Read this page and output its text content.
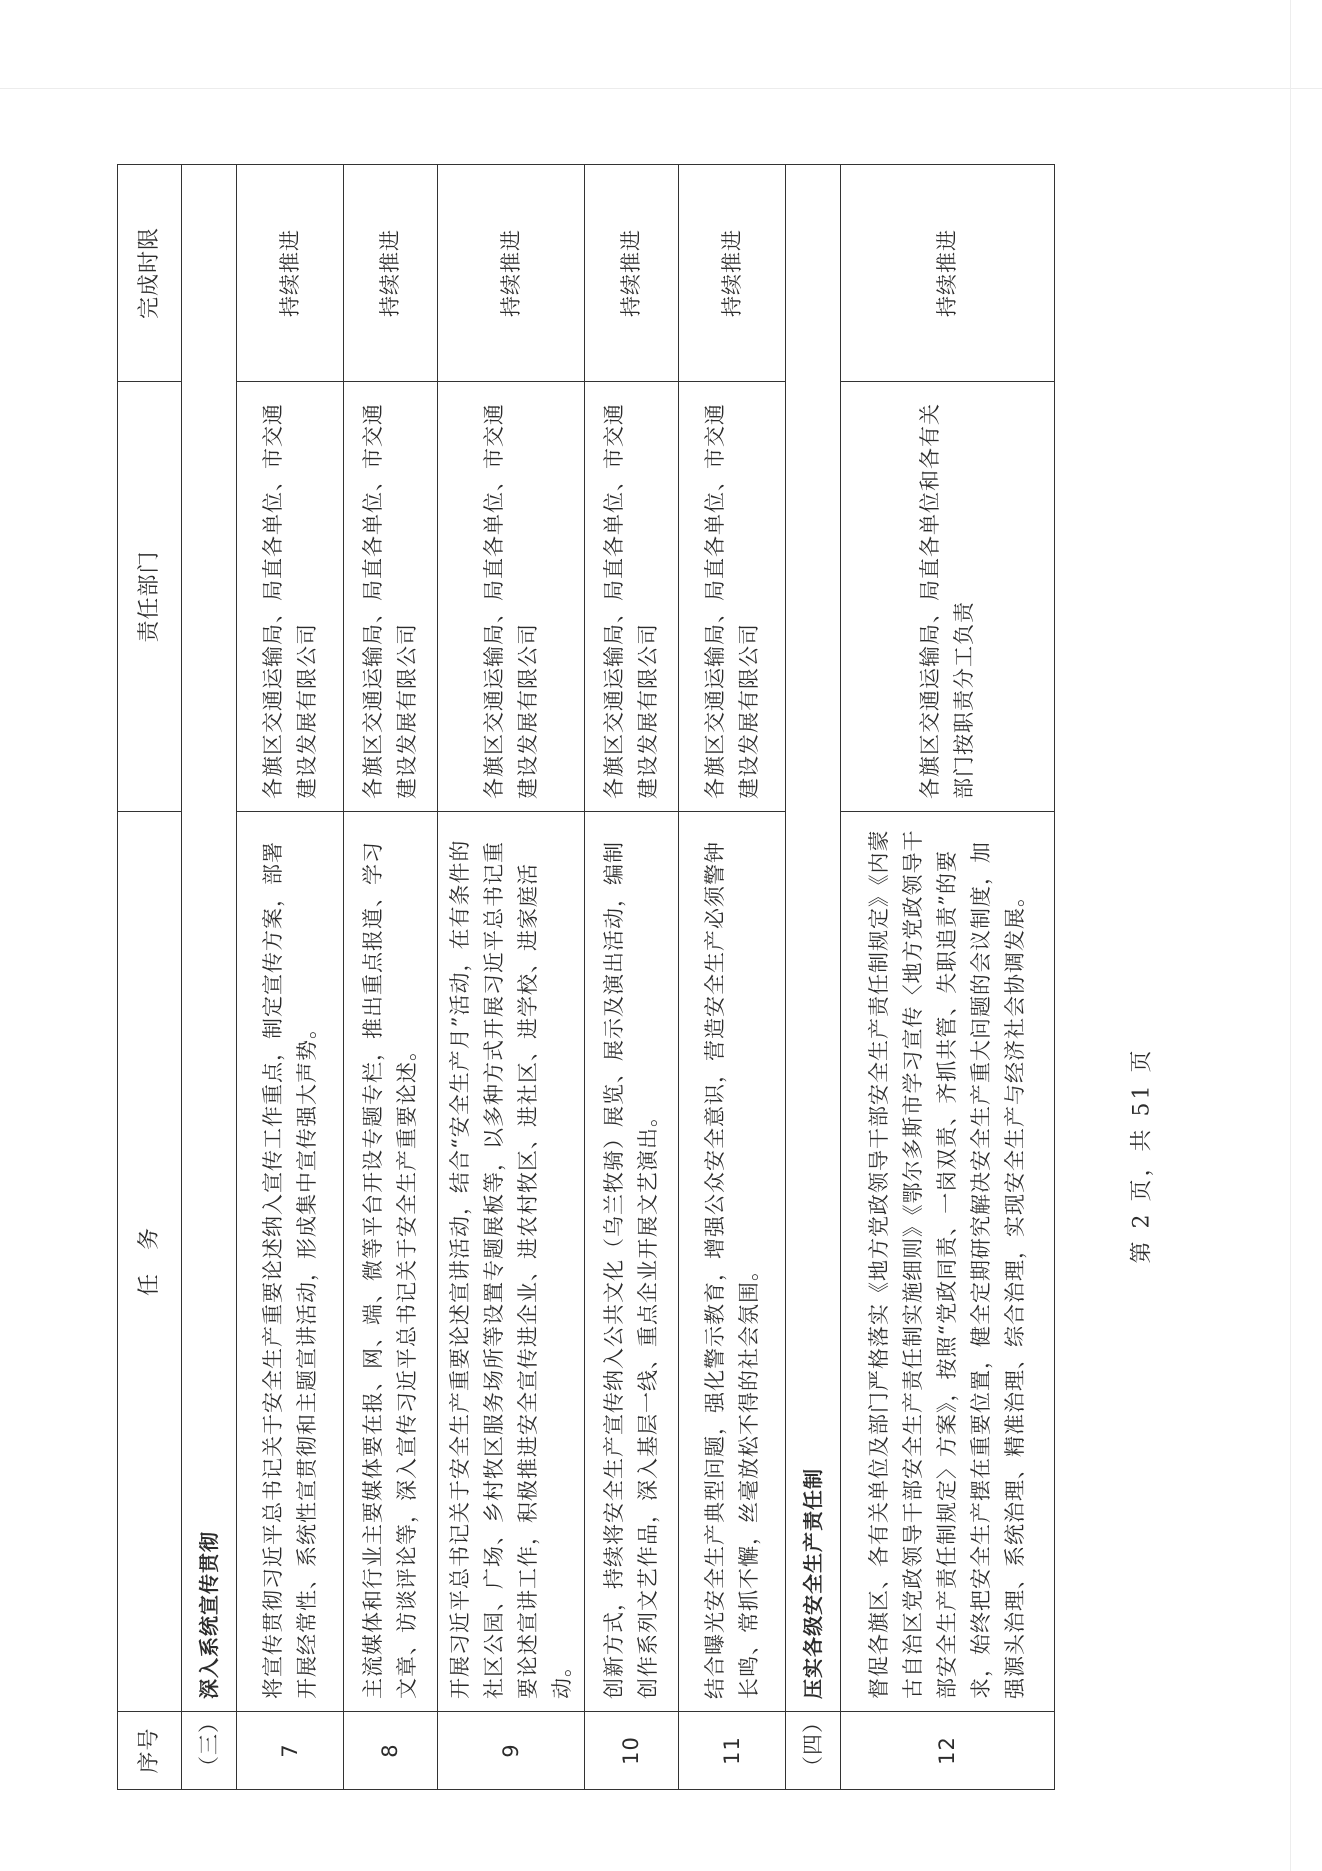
序号	任　务	责任部门	完成时限
（三）	深入系统宣传贯彻		
7	将宣传贯彻习近平总书记关于安全生产重要论述纳入宣传工作重点，制定宣传方案，部署开展经常性、系统性宣贯彻和主题宣讲活动，形成集中宣传强大声势。	各旗区交通运输局、局直各单位、市交通建设发展有限公司	持续推进
8	主流媒体和行业主要媒体要在报、网、端、微等平台开设专题专栏，推出重点报道、学习文章、访谈评论等，深入宣传习近平总书记关于安全生产重要论述。	各旗区交通运输局、局直各单位、市交通建设发展有限公司	持续推进
9	开展习近平总书记关于安全生产重要论述宣讲活动，结合“安全生产月”活动，在有条件的社区公园、广场、乡村牧区服务场所等设置专题展板等，以多种方式开展习近平总书记重要论述宣讲工作，积极推进安全宣传进企业、进农村牧区、进社区、进学校、进家庭活动。	各旗区交通运输局、局直各单位、市交通建设发展有限公司	持续推进
10	创新方式，持续将安全生产宣传纳入公共文化（乌兰牧骑）展览、展示及演出活动，编制创作系列文艺作品，深入基层一线、重点企业开展文艺演出。	各旗区交通运输局、局直各单位、市交通建设发展有限公司	持续推进
11	结合曝光安全生产典型问题，强化警示教育，增强公众安全意识，营造安全生产必须警钟长鸣、常抓不懈，丝毫放松不得的社会氛围。	各旗区交通运输局、局直各单位、市交通建设发展有限公司	持续推进
（四）	压实各级安全生产责任制		
12	督促各旗区、各有关单位及部门严格落实《地方党政领导干部安全生产责任制规定》《内蒙古自治区党政领导干部安全生产责任制实施细则》《鄂尔多斯市学习宣传〈地方党政领导干部安全生产责任制规定〉方案》，按照“党政同责、一岗双责、齐抓共管、失职追责”的要求，始终把安全生产摆在重要位置，健全定期研究解决安全生产重大问题的会议制度，加强源头治理、系统治理、精准治理、综合治理，实现安全生产与经济社会协调发展。	各旗区交通运输局、局直各单位和各有关部门按职责分工负责	持续推进
第 2 页，共 51 页
